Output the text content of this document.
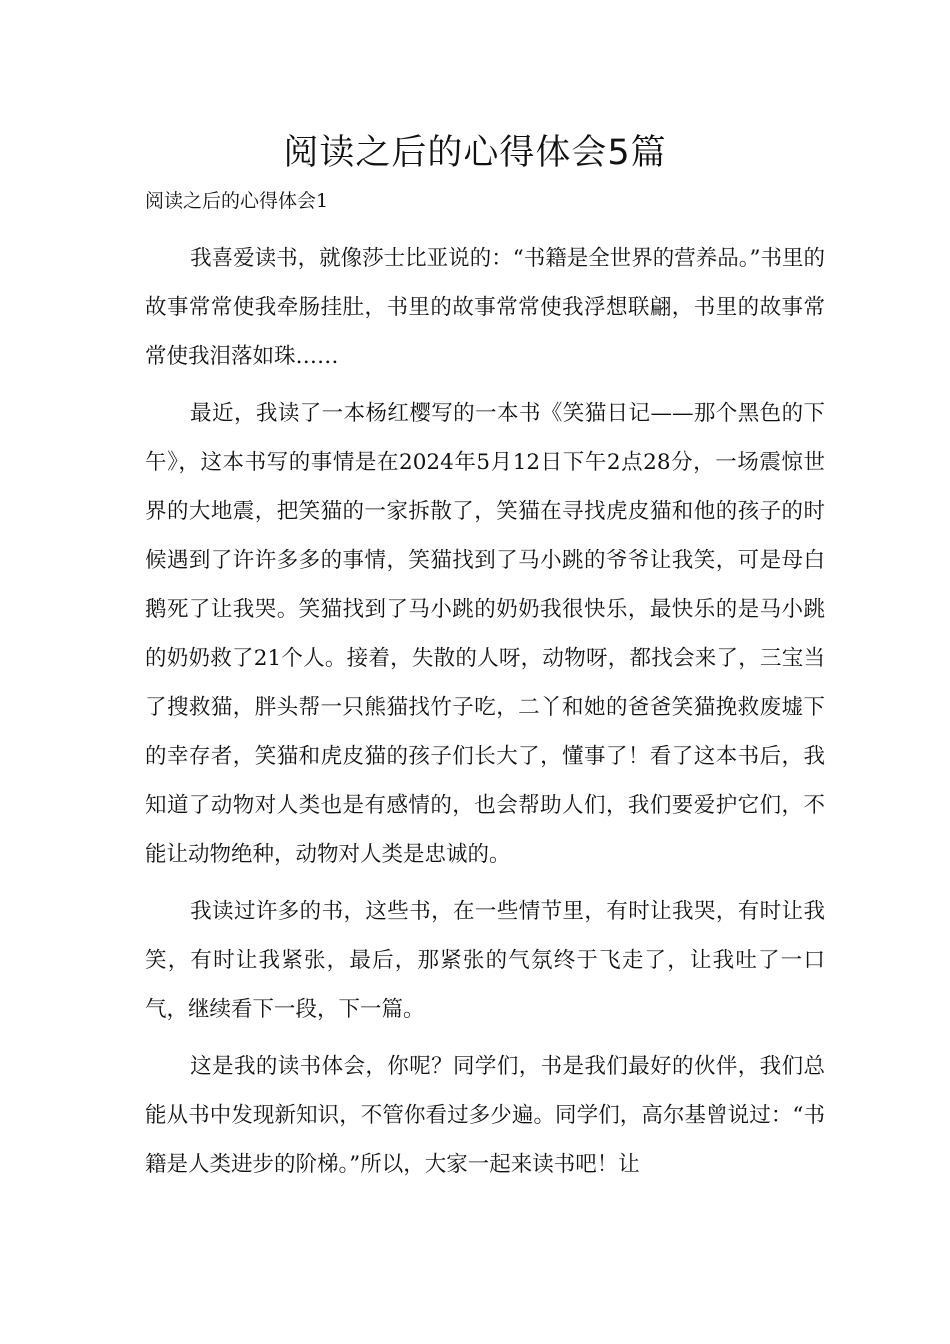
阅读之后的心得体会5篇

阅读之后的心得体会1

我喜爱读书，就像莎士比亚说的：“书籍是全世界的营养品。”书里的故事常常使我牵肠挂肚，书里的故事常常使我浮想联翩，书里的故事常常使我泪落如珠……

最近，我读了一本杨红樱写的一本书《笑猫日记——那个黑色的下午》，这本书写的事情是在2024年5月12日下午2点28分，一场震惊世界的大地震，把笑猫的一家拆散了，笑猫在寻找虎皮猫和他的孩子的时候遇到了许许多多的事情，笑猫找到了马小跳的爷爷让我笑，可是母白鹅死了让我哭。笑猫找到了马小跳的奶奶我很快乐，最快乐的是马小跳的奶奶救了21个人。接着，失散的人呀，动物呀，都找会来了，三宝当了搜救猫，胖头帮一只熊猫找竹子吃，二丫和她的爸爸笑猫挽救废墟下的幸存者，笑猫和虎皮猫的孩子们长大了，懂事了！看了这本书后，我知道了动物对人类也是有感情的，也会帮助人们，我们要爱护它们，不能让动物绝种，动物对人类是忠诚的。

我读过许多的书，这些书，在一些情节里，有时让我哭，有时让我笑，有时让我紧张，最后，那紧张的气氛终于飞走了，让我吐了一口气，继续看下一段，下一篇。

这是我的读书体会，你呢？同学们，书是我们最好的伙伴，我们总能从书中发现新知识，不管你看过多少遍。同学们，高尔基曾说过：“书籍是人类进步的阶梯。”所以，大家一起来读书吧！让
